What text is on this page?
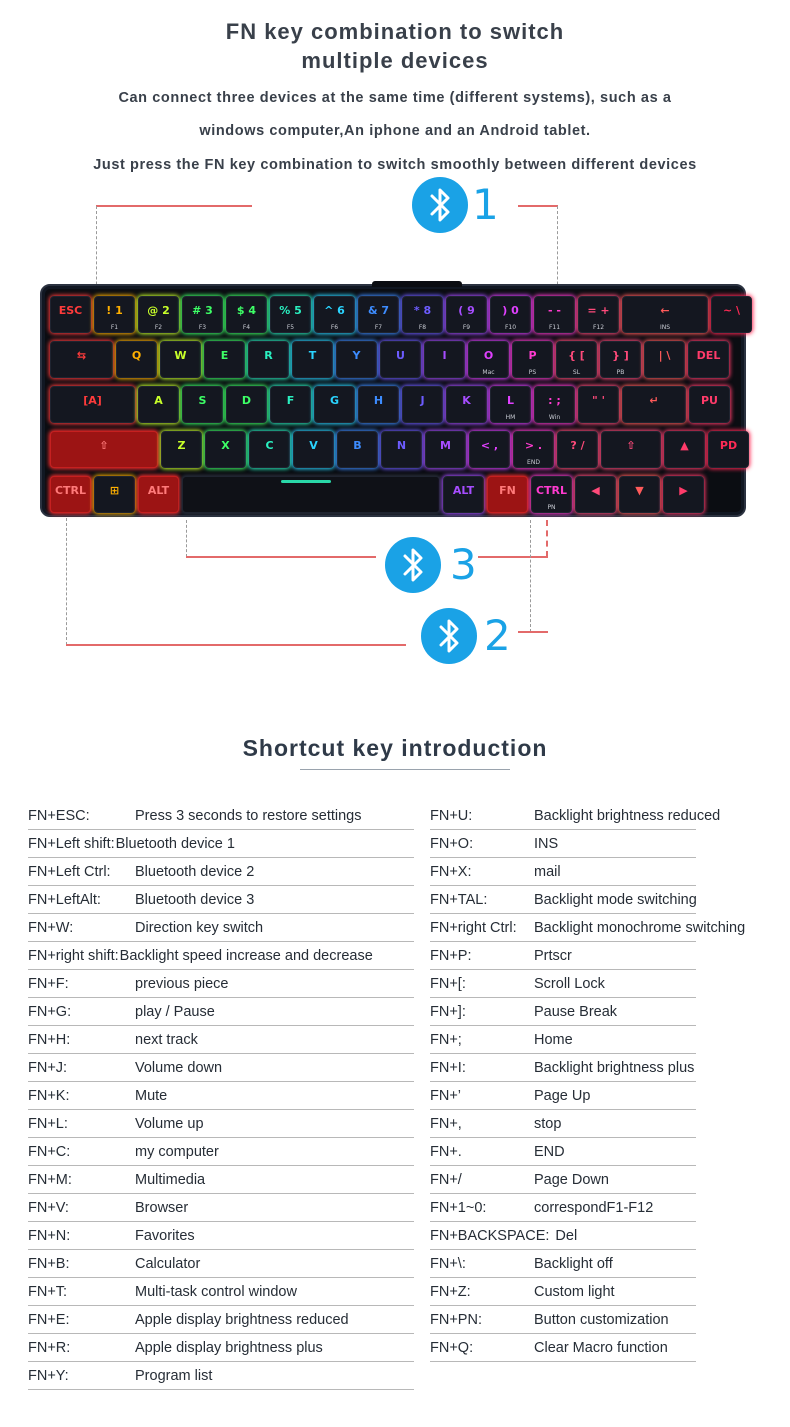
FN key combination to switch
multiple devices
Can connect three devices at the same time (different systems), such as a
windows computer,An iphone and an Android tablet.
Just press the FN key combination to switch smoothly between different devices
1
3
2
ESC	! 1
F1
@ 2
F2
# 3
F3
$ 4
F4
% 5
F5
^ 6
F6
& 7
F7
* 8
F8
( 9
F9
) 0
F10
- -
F11
= +
F12
←
INS
~ \
⇆	Q	W	E	R	T	Y	U	I	O
Mac
P
PS
{ [
SL
} ]
PB
| \	DEL
[A]	A	S	D	F	G	H	J	K	L
HM
: ;
Win
" '	↵	PU
⇧	Z	X	C	V	B	N	M	< ,	> .
END
? /	⇧	▲	PD
CTRL	⊞	ALT	ALT	FN	CTRL
PN
◀	▼	▶
Shortcut key introduction
FN+ESC:	Press 3 seconds to restore settings
FN+Left shift: Bluetooth device 1
FN+Left Ctrl: Bluetooth device 2
FN+LeftAlt: Bluetooth device 3
FN+W:	Direction key switch
FN+right shift: Backlight speed increase and decrease
FN+F:	previous piece
FN+G:	play / Pause
FN+H:	next track
FN+J:	Volume down
FN+K:	Mute
FN+L:	Volume up
FN+C:	my computer
FN+M:	Multimedia
FN+V:	Browser
FN+N:	Favorites
FN+B:	Calculator
FN+T:	Multi-task control window
FN+E:	Apple display brightness reduced
FN+R:	Apple display brightness plus
FN+Y:	Program list
FN+U:	Backlight brightness reduced
FN+O:	INS
FN+X:	mail
FN+TAL:	Backlight mode switching
FN+right Ctrl: Backlight monochrome switching
FN+P:	Prtscr
FN+[:	Scroll Lock
FN+]:	Pause Break
FN+;	Home
FN+I:	Backlight brightness plus
FN+’	Page Up
FN+,	stop
FN+.	END
FN+/	Page Down
FN+1~0:	correspondF1-F12
FN+BACKSPACE: Del
FN+\:	Backlight off
FN+Z:	Custom light
FN+PN:	Button customization
FN+Q:	Clear Macro function
